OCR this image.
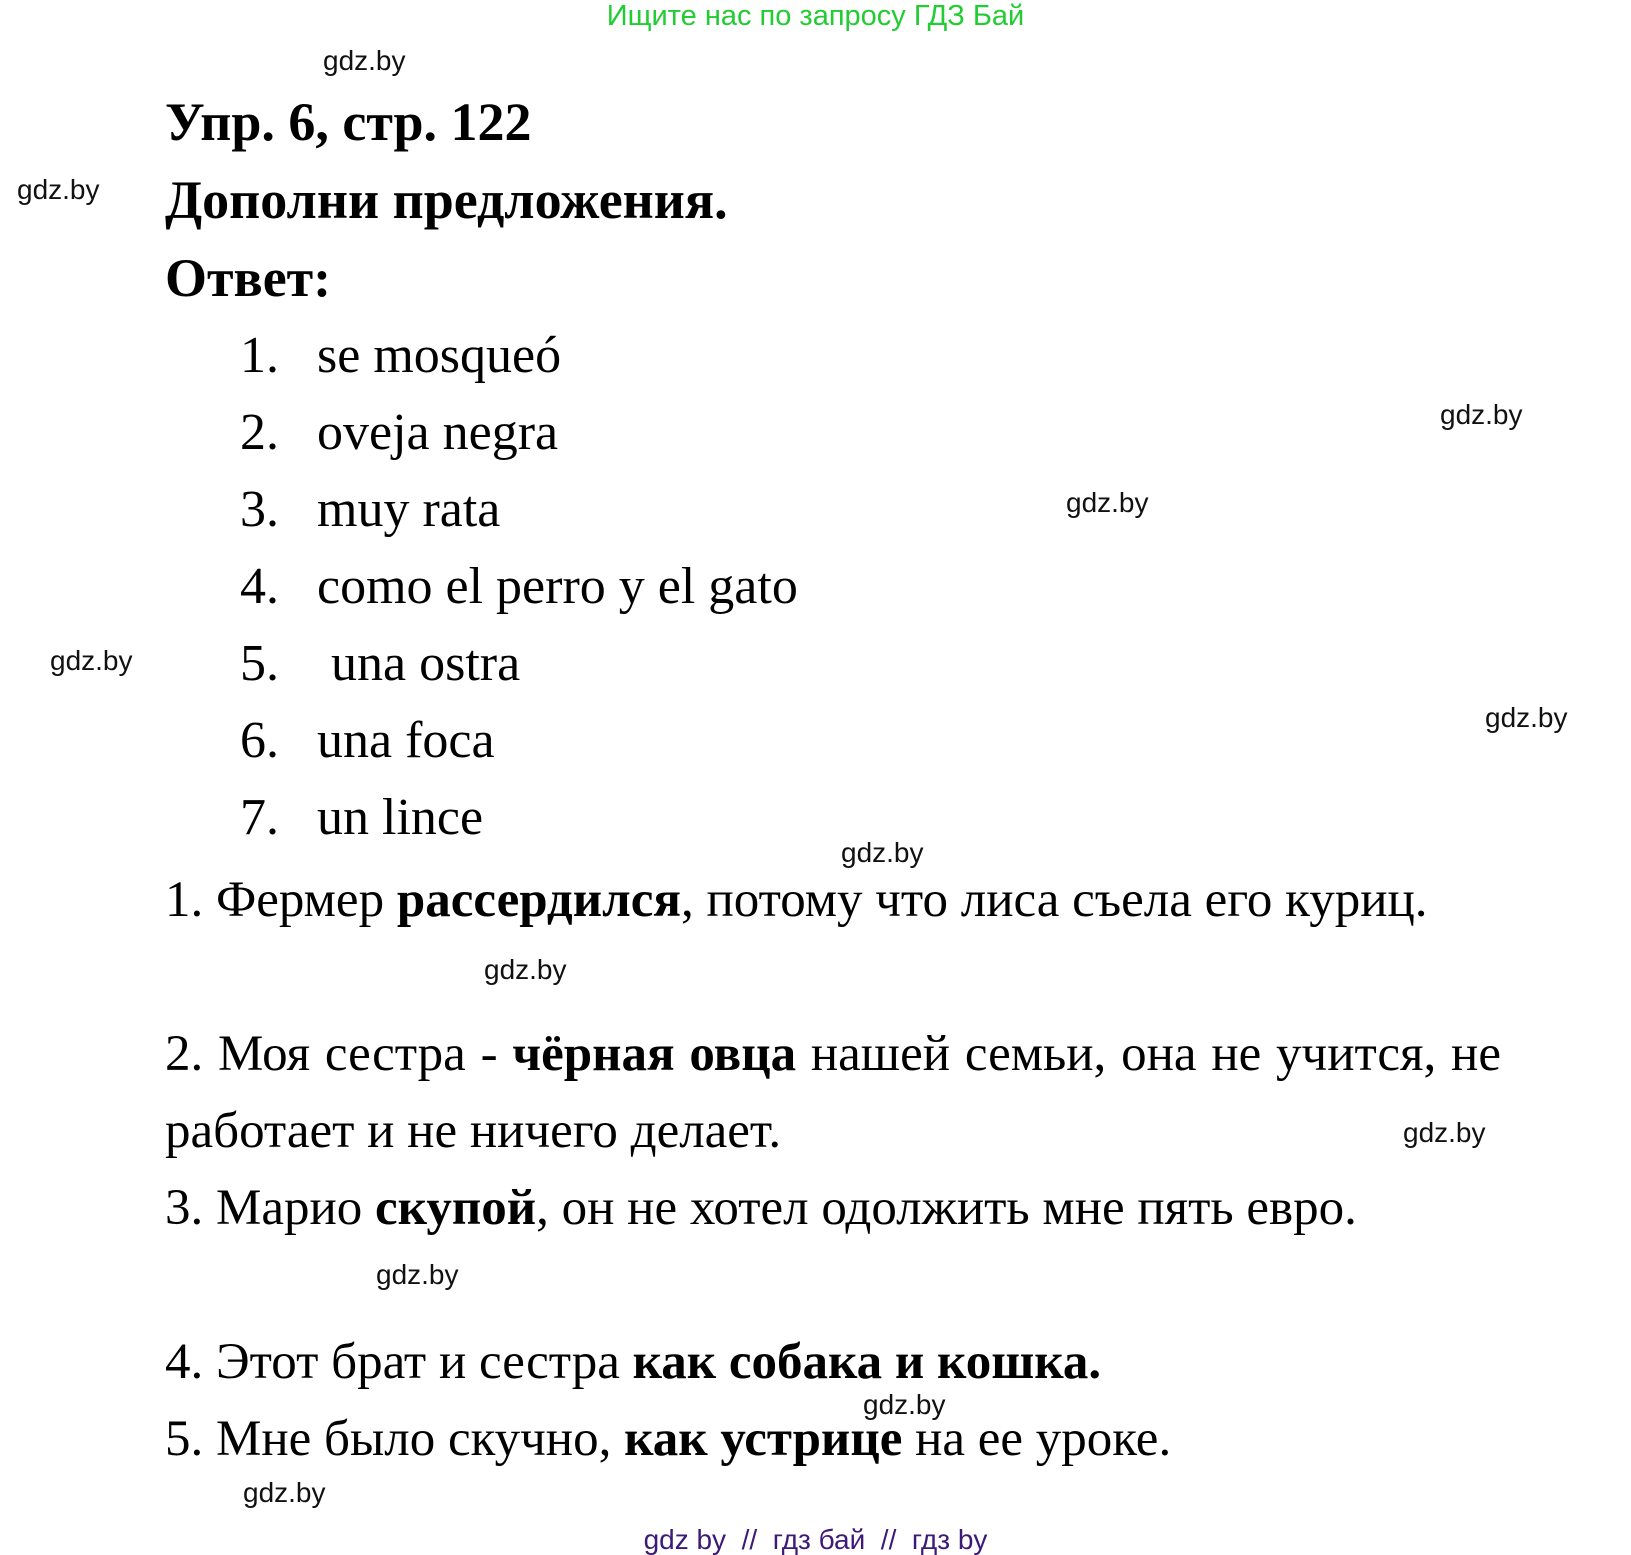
Ищите нас по запросу ГДЗ Бай
gdz.by
gdz.by
gdz.by
gdz.by
gdz.by
gdz.by
gdz.by
gdz.by
gdz.by
gdz.by
gdz.by
gdz.by
Упр. 6, стр. 122
Дополни предложения.
Ответ:
1. se mosqueó
2. oveja negra
3. muy rata
4. como el perro y el gato
5. una ostra
6. una foca
7. un lince
1. Фермер рассердился, потому что лиса съела его куриц.
2. Моя сестра - чёрная овца нашей семьи, она не учится, не работает и не ничего делает.
3. Марио скупой, он не хотел одолжить мне пять евро.
4. Этот брат и сестра как собака и кошка.
5. Мне было скучно, как устрице на ее уроке.
gdz by  //  гдз бай  //  гдз by
